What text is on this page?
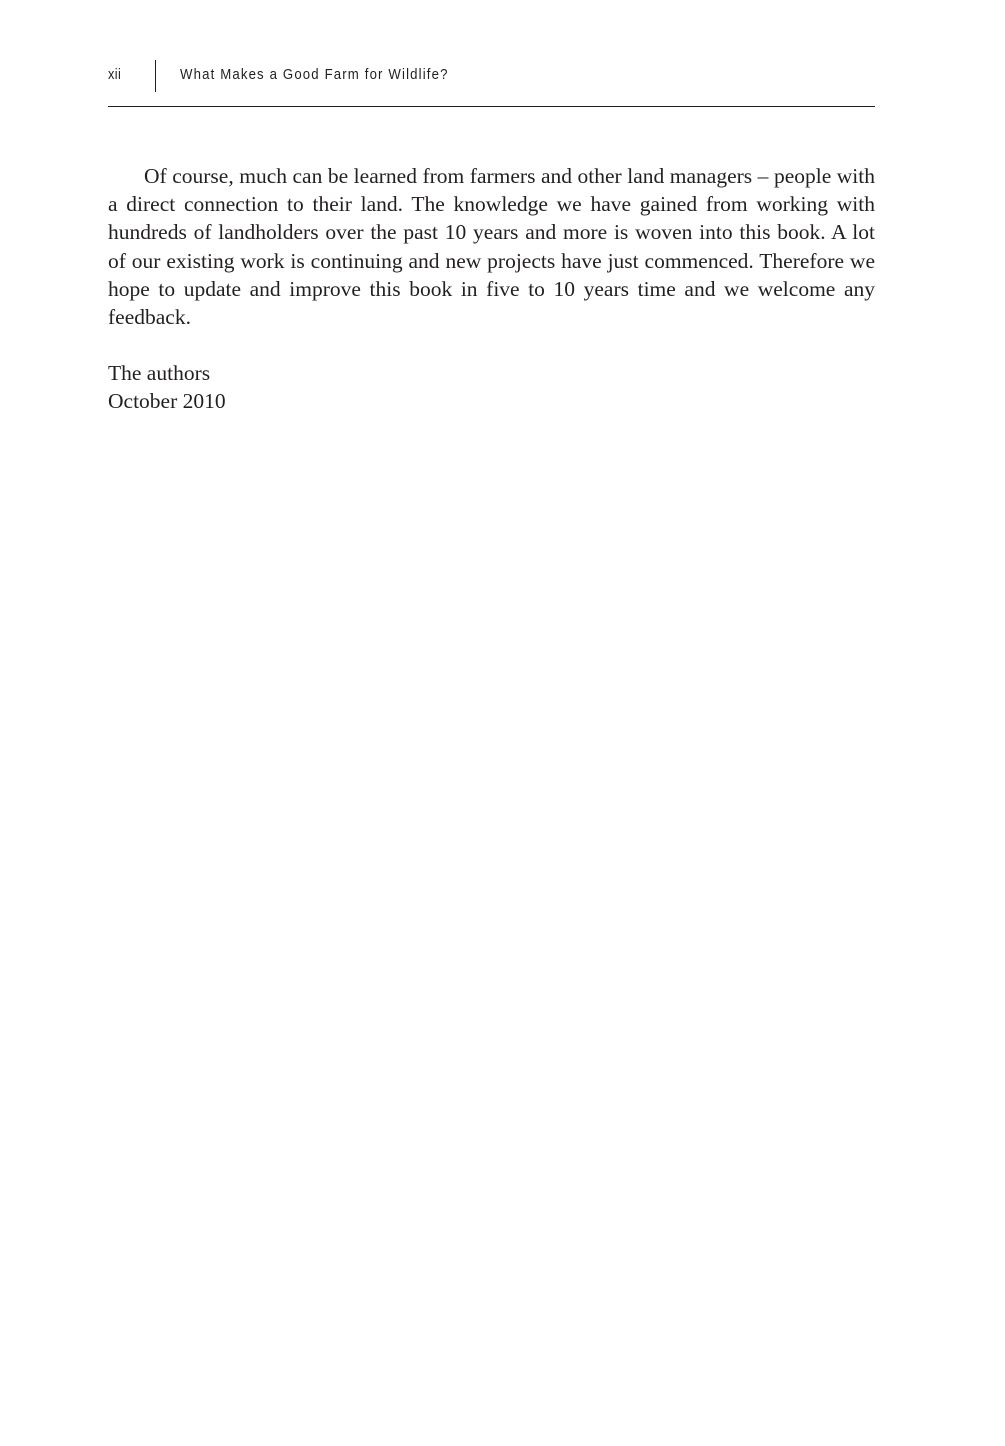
xii	What Makes a Good Farm for Wildlife?

Of course, much can be learned from farmers and other land managers – people with a direct connection to their land. The knowledge we have gained from working with hundreds of landholders over the past 10 years and more is woven into this book. A lot of our existing work is continuing and new projects have just commenced. Therefore we hope to update and improve this book in five to 10 years time and we welcome any feedback.

The authors
October 2010
